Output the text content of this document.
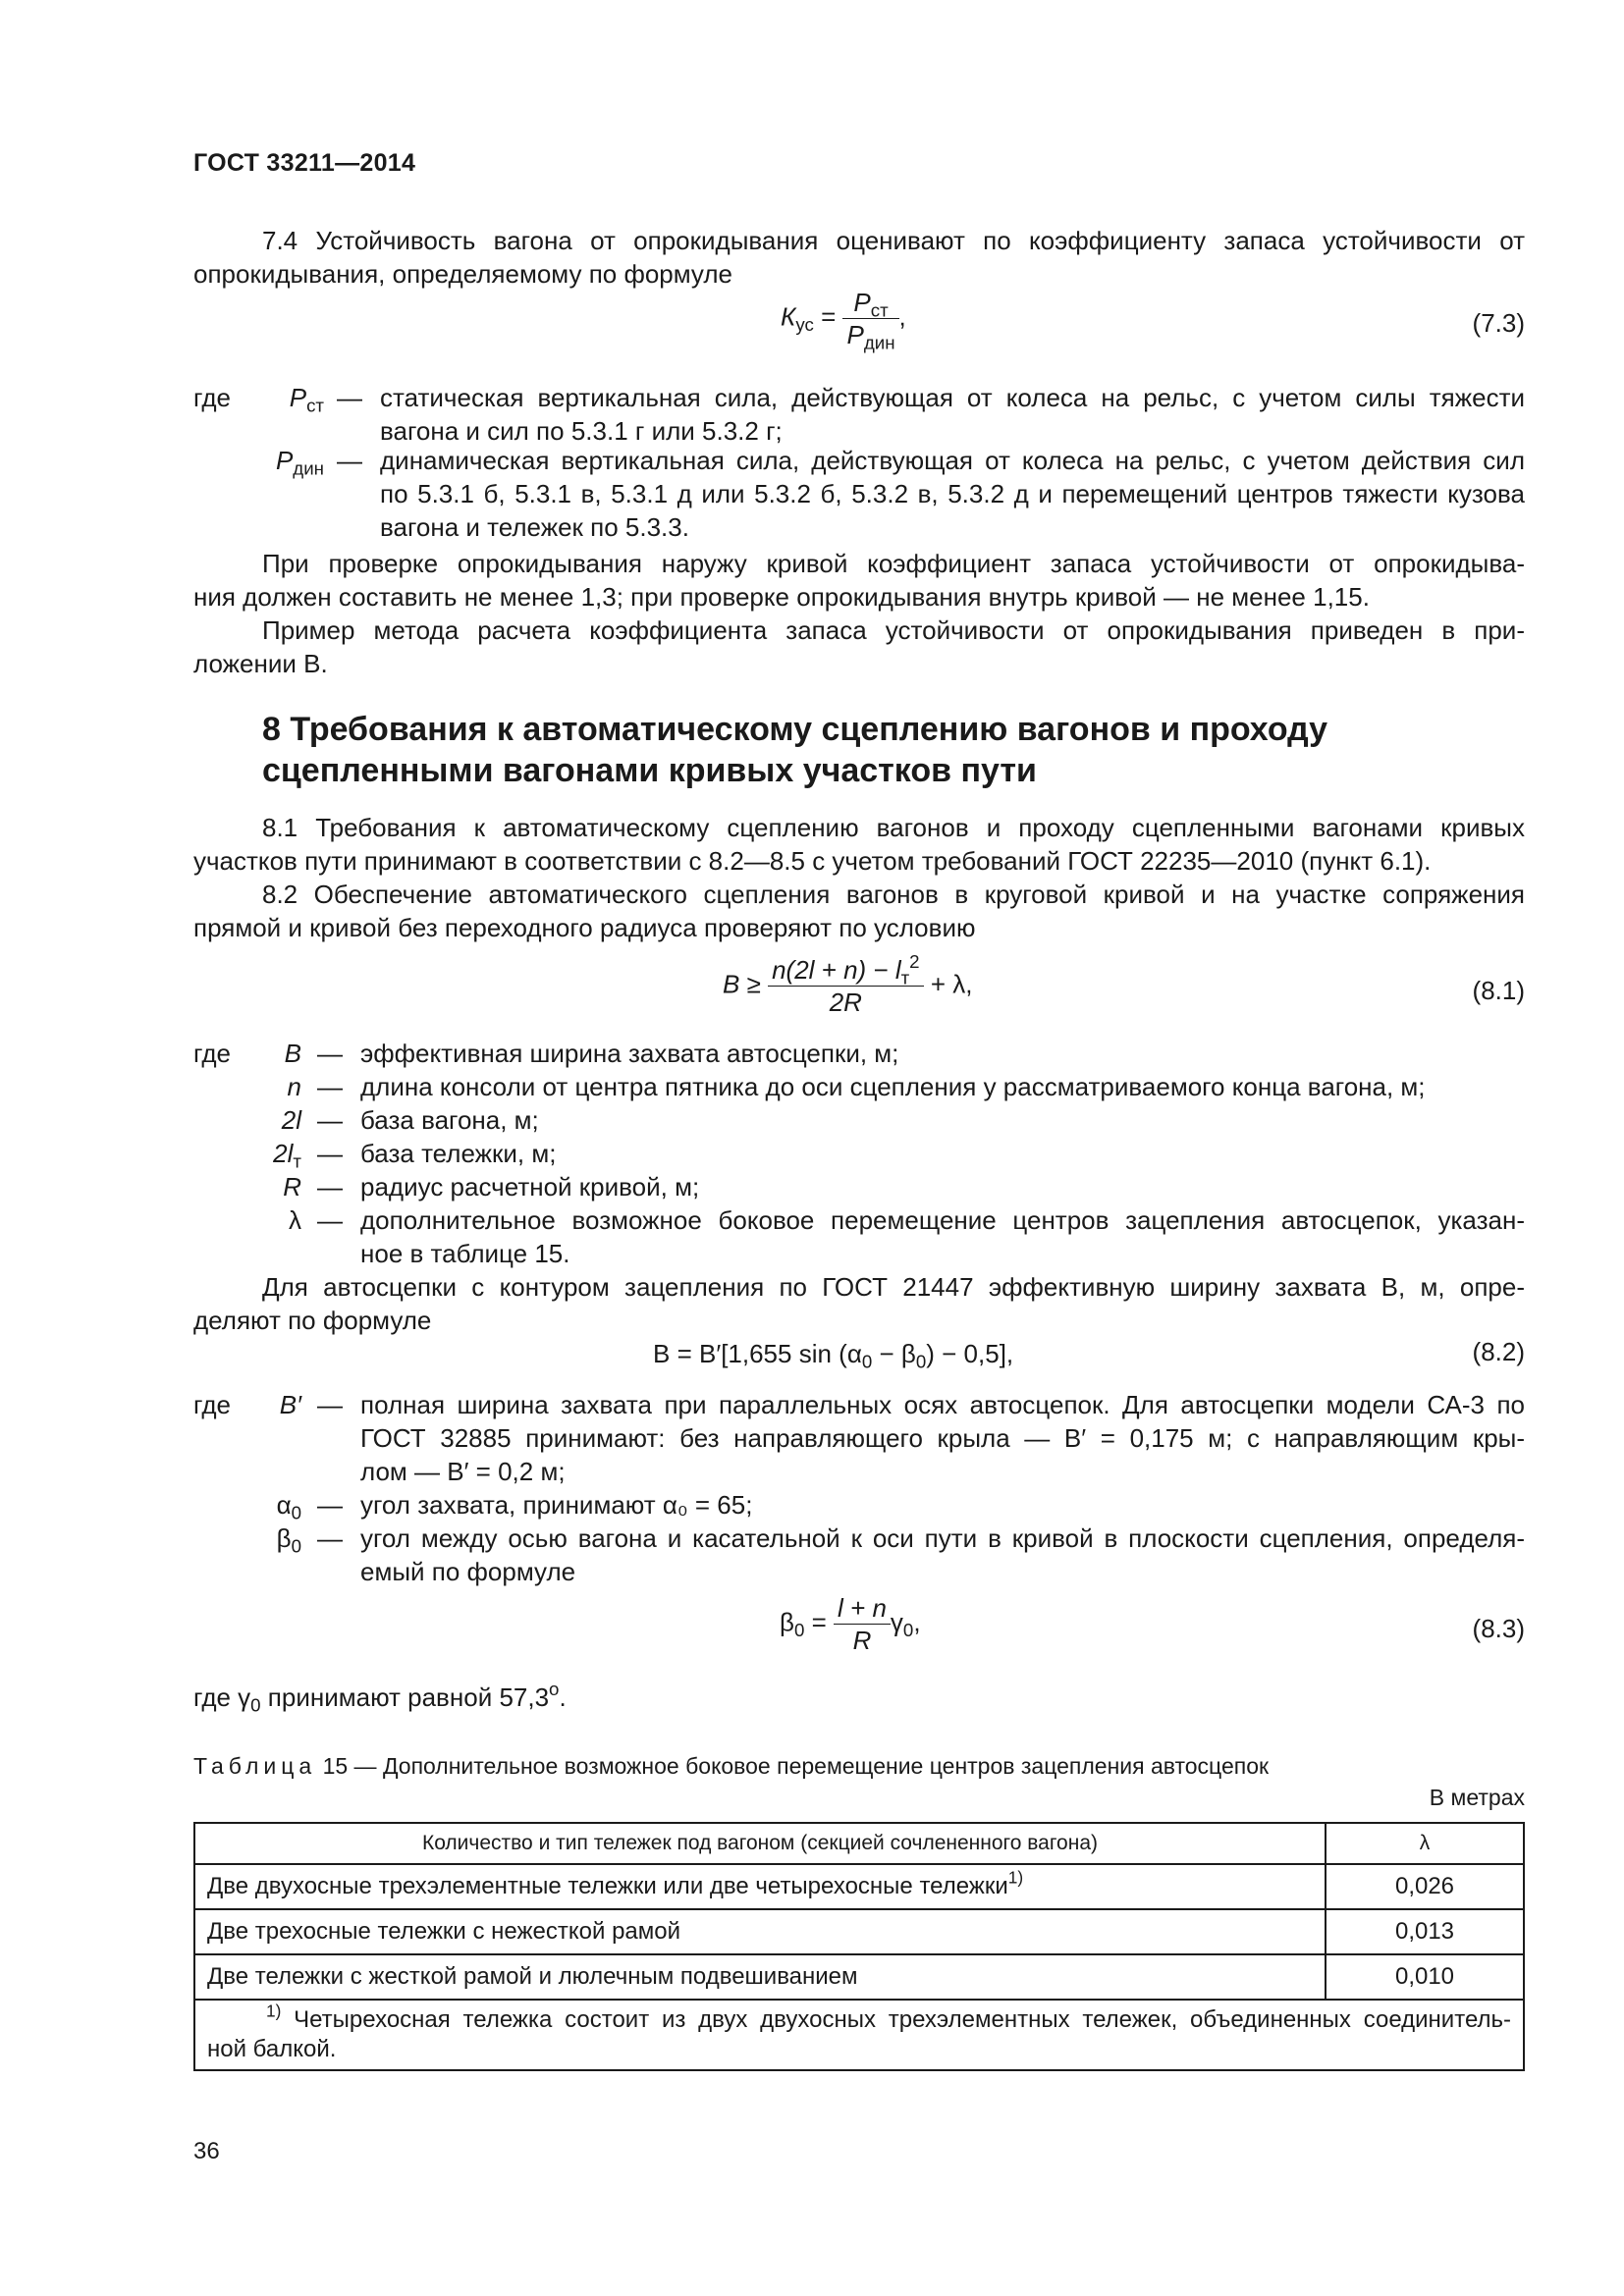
ГОСТ 33211—2014
7.4 Устойчивость вагона от опрокидывания оценивают по коэффициенту запаса устойчивости от
опрокидывания, определяемому по формуле
$К_{ус} = \frac{P_{ст}}{P_{дин}}$ ,	(7.3)
где	$P_{ст}$ — статическая вертикальная сила, действующая от колеса на рельс, с учетом силы тяжести
вагона и сил по 5.3.1 г или 5.3.2 г;
$P_{дин}$ — динамическая вертикальная сила, действующая от колеса на рельс, с учетом действия сил
по 5.3.1 б, 5.3.1 в, 5.3.1 д или 5.3.2 б, 5.3.2 в, 5.3.2 д и перемещений центров тяжести кузова
вагона и тележек по 5.3.3.
При проверке опрокидывания наружу кривой коэффициент запаса устойчивости от опрокидыва-
ния должен составить не менее 1,3; при проверке опрокидывания внутрь кривой — не менее 1,15.
Пример метода расчета коэффициента запаса устойчивости от опрокидывания приведен в при-
ложении В.
8 Требования к автоматическому сцеплению вагонов и проходу
сцепленными вагонами кривых участков пути
8.1 Требования к автоматическому сцеплению вагонов и проходу сцепленными вагонами кривых
участков пути принимают в соответствии с 8.2—8.5 с учетом требований ГОСТ 22235—2010 (пункт 6.1).
8.2 Обеспечение автоматического сцепления вагонов в круговой кривой и на участке сопряжения
прямой и кривой без переходного радиуса проверяют по условию
$B \ge \frac{n(2l + n) - l_т^2}{2R} + \lambda$,	(8.1)
где	B — эффективная ширина захвата автосцепки, м;
n — длина консоли от центра пятника до оси сцепления у рассматриваемого конца вагона, м;
2l — база вагона, м;
$2l_т$ — база тележки, м;
R — радиус расчетной кривой, м;
λ — дополнительное возможное боковое перемещение центров зацепления автосцепок, указан-
ное в таблице 15.
Для автосцепки с контуром зацепления по ГОСТ 21447 эффективную ширину захвата B, м, опре-
деляют по формуле
B = B′[1,655 $\sin (\alpha_0 - \beta_0) - 0,5$],	(8.2)
где	B′ — полная ширина захвата при параллельных осях автосцепок. Для автосцепки модели СА-3 по
ГОСТ 32885 принимают: без направляющего крыла — B′ = 0,175 м; с направляющим кры-
лом — B′ = 0,2 м;
$\alpha_0$ — угол захвата, принимают α₀ = 65;
$\beta_0$ — угол между осью вагона и касательной к оси пути в кривой в плоскости сцепления, определя-
емый по формуле
$\beta_0 = \frac{l + n}{R} \gamma_0$,	(8.3)
где $\gamma_0$ принимают равной $57,3^о$.
Таблица 15 — Дополнительное возможное боковое перемещение центров зацепления автосцепок
В метрах
Количество и тип тележек под вагоном (секцией сочлененного вагона)	λ
Две двухосные трехэлементные тележки или две четырехосные тележки$^{1)}$	0,026
Две трехосные тележки с нежесткой рамой	0,013
Две тележки с жесткой рамой и люлечным подвешиванием	0,010

$^{1)}$ Четырехосная тележка состоит из двух двухосных трехэлементных тележек, объединенных соединитель-
ной балкой.	
36
